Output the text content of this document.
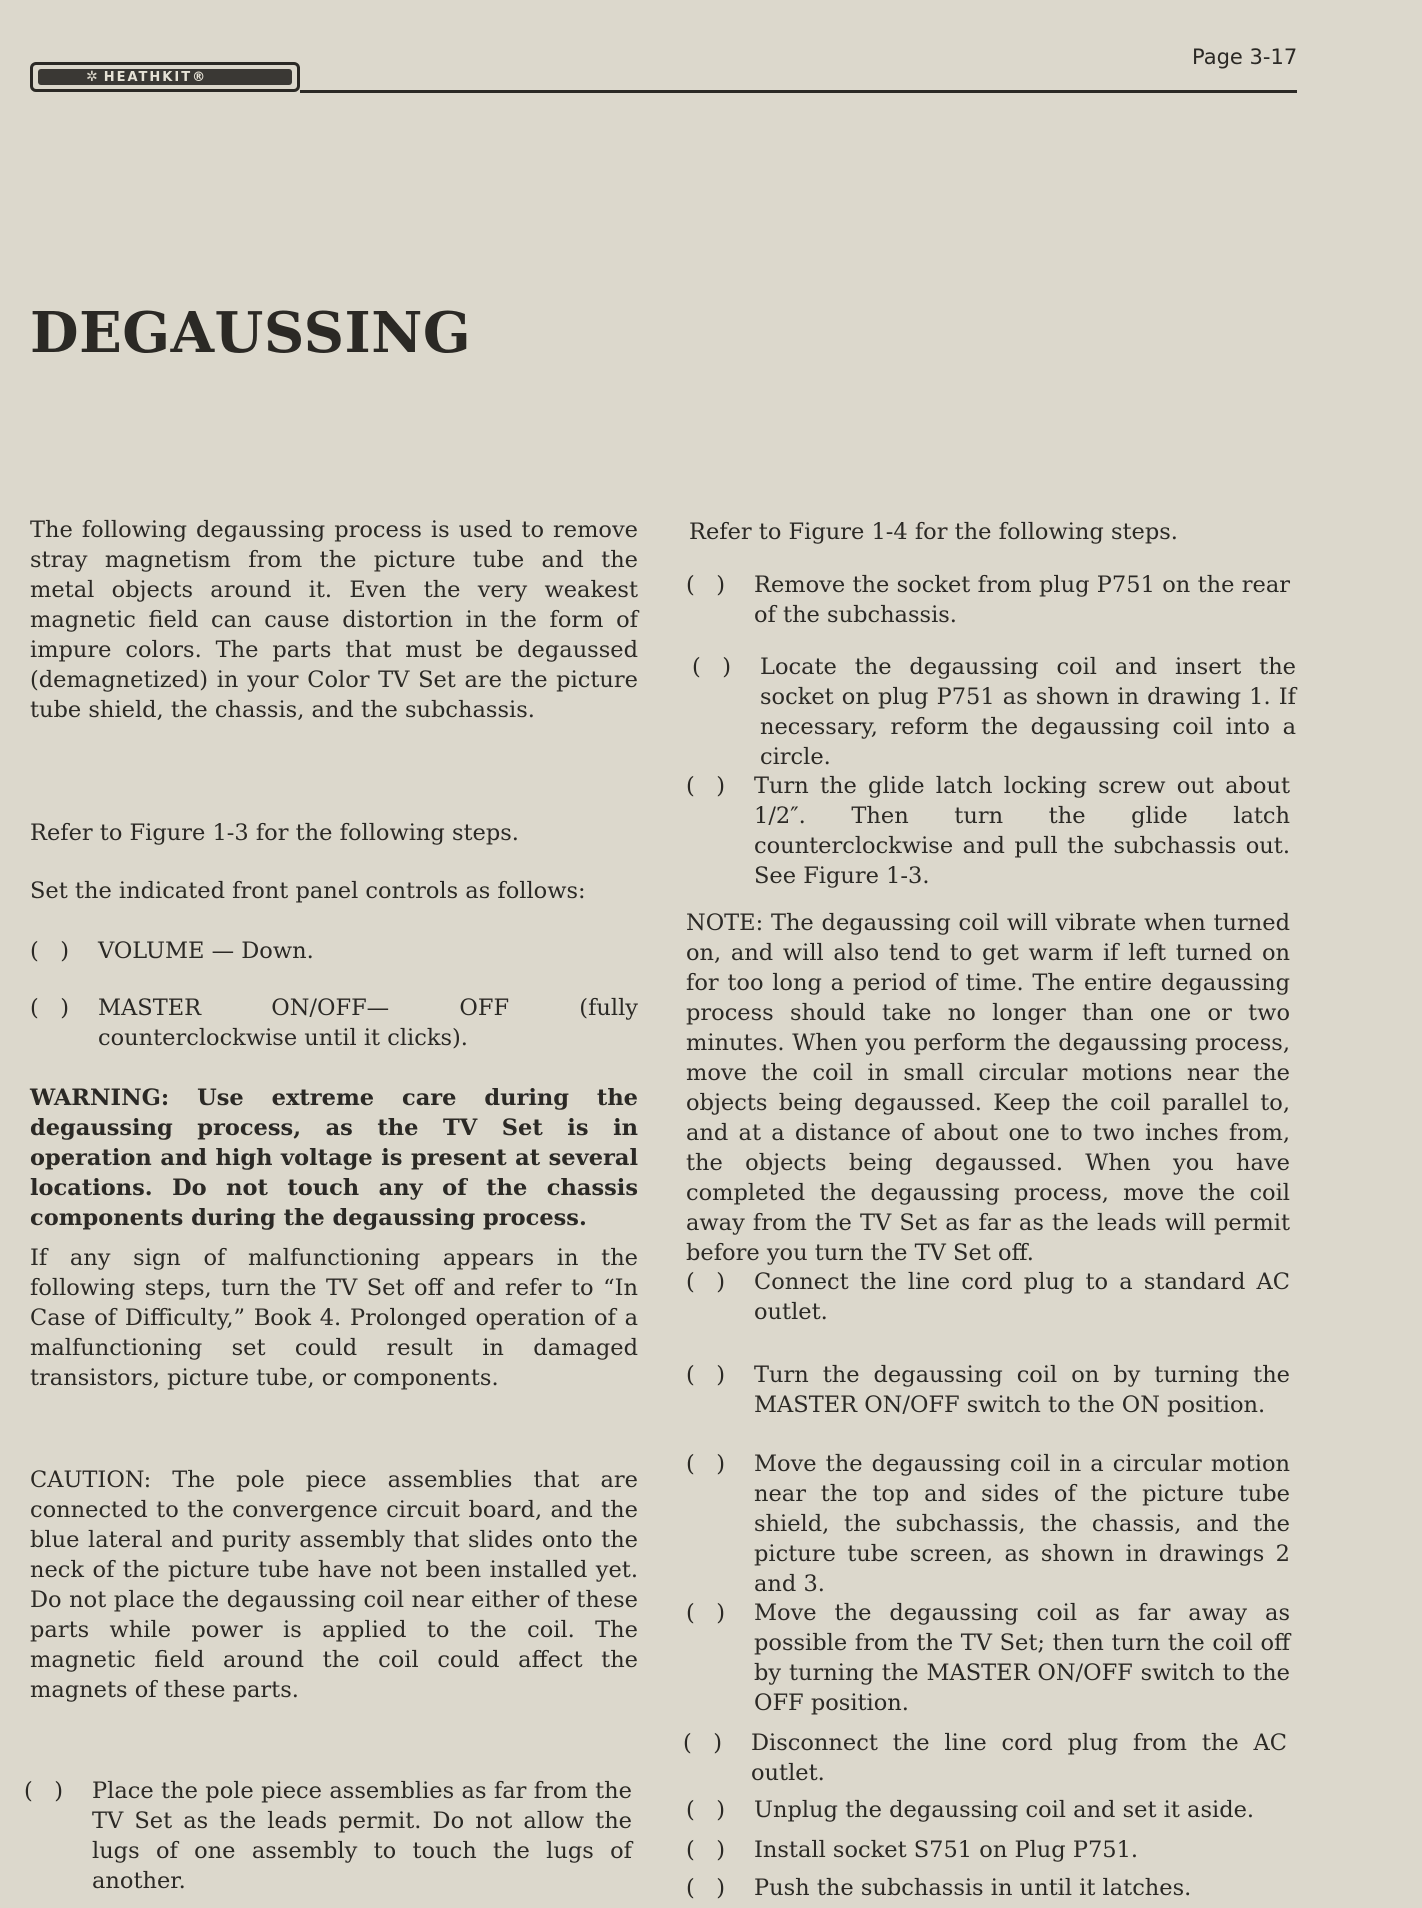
✲ HEATHKIT®
Page 3-17
DEGAUSSING

The following degaussing process is used to remove stray magnetism from the picture tube and the metal objects around it. Even the very weakest magnetic field can cause distortion in the form of impure colors. The parts that must be degaussed (demagnetized) in your Color TV Set are the picture tube shield, the chassis, and the subchassis.

Refer to Figure 1-3 for the following steps.

Set the indicated front panel controls as follows:

(   )	VOLUME — Down.
(   )	MASTER ON/OFF— OFF (fully counterclockwise until it clicks).

WARNING: Use extreme care during the degaussing process, as the TV Set is in operation and high voltage is present at several locations. Do not touch any of the chassis components during the degaussing process.

If any sign of malfunctioning appears in the following steps, turn the TV Set off and refer to “In Case of Difficulty,” Book 4. Prolonged operation of a malfunctioning set could result in damaged transistors, picture tube, or components.

CAUTION: The pole piece assemblies that are connected to the convergence circuit board, and the blue lateral and purity assembly that slides onto the neck of the picture tube have not been installed yet. Do not place the degaussing coil near either of these parts while power is applied to the coil. The magnetic field around the coil could affect the magnets of these parts.

(   )	Place the pole piece assemblies as far from the TV Set as the leads permit. Do not allow the lugs of one assembly to touch the lugs of another.

Refer to Figure 1-4 for the following steps.

(   )	Remove the socket from plug P751 on the rear of the subchassis.
(   )	Locate the degaussing coil and insert the socket on plug P751 as shown in drawing 1. If necessary, reform the degaussing coil into a circle.
(   )	Turn the glide latch locking screw out about 1/2″. Then turn the glide latch counterclockwise and pull the subchassis out. See Figure 1-3.

NOTE: The degaussing coil will vibrate when turned on, and will also tend to get warm if left turned on for too long a period of time. The entire degaussing process should take no longer than one or two minutes. When you perform the degaussing process, move the coil in small circular motions near the objects being degaussed. Keep the coil parallel to, and at a distance of about one to two inches from, the objects being degaussed. When you have completed the degaussing process, move the coil away from the TV Set as far as the leads will permit before you turn the TV Set off.

(   )	Connect the line cord plug to a standard AC outlet.
(   )	Turn the degaussing coil on by turning the MASTER ON/OFF switch to the ON position.
(   )	Move the degaussing coil in a circular motion near the top and sides of the picture tube shield, the subchassis, the chassis, and the picture tube screen, as shown in drawings 2 and 3.
(   )	Move the degaussing coil as far away as possible from the TV Set; then turn the coil off by turning the MASTER ON/OFF switch to the OFF position.
(   )	Disconnect the line cord plug from the AC outlet.
(   )	Unplug the degaussing coil and set it aside.
(   )	Install socket S751 on Plug P751.
(   )	Push the subchassis in until it latches.
